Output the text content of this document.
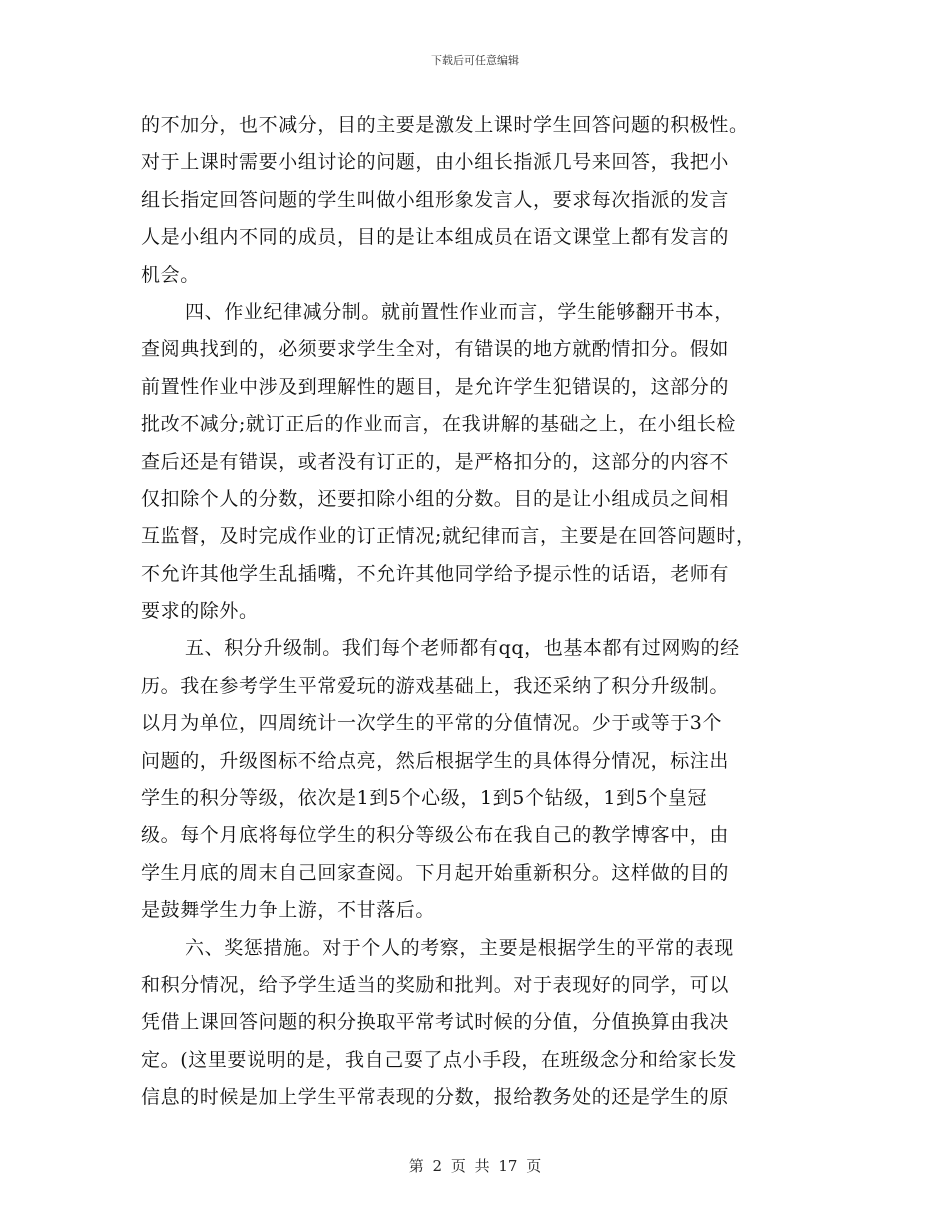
下载后可任意编辑
的不加分，也不减分，目的主要是激发上课时学生回答问题的积极性。
对于上课时需要小组讨论的问题，由小组长指派几号来回答，我把小
组长指定回答问题的学生叫做小组形象发言人，要求每次指派的发言
人是小组内不同的成员，目的是让本组成员在语文课堂上都有发言的
机会。
四、作业纪律减分制。就前置性作业而言，学生能够翻开书本，
查阅典找到的，必须要求学生全对，有错误的地方就酌情扣分。假如
前置性作业中涉及到理解性的题目，是允许学生犯错误的，这部分的
批改不减分;就订正后的作业而言，在我讲解的基础之上，在小组长检
查后还是有错误，或者没有订正的，是严格扣分的，这部分的内容不
仅扣除个人的分数，还要扣除小组的分数。目的是让小组成员之间相
互监督，及时完成作业的订正情况;就纪律而言，主要是在回答问题时，
不允许其他学生乱插嘴，不允许其他同学给予提示性的话语，老师有
要求的除外。
五、积分升级制。我们每个老师都有qq，也基本都有过网购的经
历。我在参考学生平常爱玩的游戏基础上，我还采纳了积分升级制。
以月为单位，四周统计一次学生的平常的分值情况。少于或等于3个
问题的，升级图标不给点亮，然后根据学生的具体得分情况，标注出
学生的积分等级，依次是1到5个心级，1到5个钻级，1到5个皇冠
级。每个月底将每位学生的积分等级公布在我自己的教学博客中，由
学生月底的周末自己回家查阅。下月起开始重新积分。这样做的目的
是鼓舞学生力争上游，不甘落后。
六、奖惩措施。对于个人的考察，主要是根据学生的平常的表现
和积分情况，给予学生适当的奖励和批判。对于表现好的同学，可以
凭借上课回答问题的积分换取平常考试时候的分值，分值换算由我决
定。(这里要说明的是，我自己耍了点小手段，在班级念分和给家长发
信息的时候是加上学生平常表现的分数，报给教务处的还是学生的原
第 2 页 共 17 页
